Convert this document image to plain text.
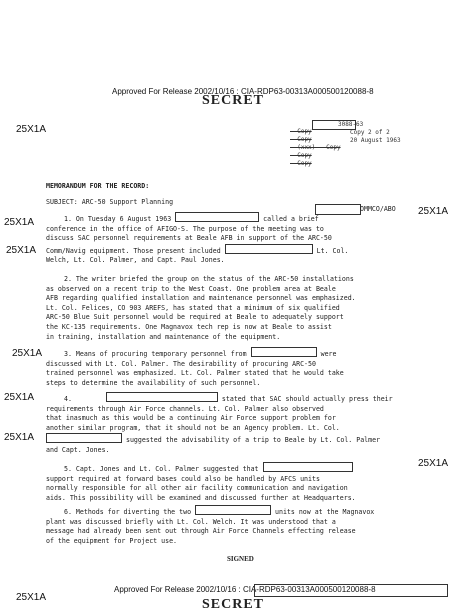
Approved For Release 2002/10/16 : CIA-RDP63-00313A000500120088-8
SECRET
3088-63
Copy 2 of 2
20 August 1963
- Copy
- Copy
- (xxx) - Copy
- Copy
- Copy
25X1A
25X1A
25X1A
25X1A
25X1A
25X1A
25X1A
25X1A
25X1A
MEMORANDUM FOR THE RECORD:
SUBJECT: ARC-50 Support Planning
1. On Tuesday 6 August 1963	called a brief
conference in the office of AFIGO-S. The purpose of the meeting was to
discuss SAC personnel requirements at Beale AFB in support of the ARC-50
Comm/Navig equipment. Those present included	Lt. Col.
Welch, Lt. Col. Palmer, and Capt. Paul Jones.
OMMCO/ABO
2. The writer briefed the group on the status of the ARC-50 installations
as observed on a recent trip to the West Coast. One problem area at Beale
AFB regarding qualified installation and maintenance personnel was emphasized.
Lt. Col. Felices, CO 903 AREFS, has stated that a minimum of six qualified
ARC-50 Blue Suit personnel would be required at Beale to adequately support
the KC-135 requirements. One Magnavox tech rep is now at Beale to assist
in training, installation and maintenance of the equipment.
3. Means of procuring temporary personnel from	were
discussed with Lt. Col. Palmer. The desirability of procuring ARC-50
trained personnel was emphasized. Lt. Col. Palmer stated that he would take
steps to determine the availability of such personnel.
4.	stated that SAC should actually press their
requirements through Air Force channels. Lt. Col. Palmer also observed
that inasmuch as this would be a continuing Air Force support problem for
another similar program, that it should not be an Agency problem. Lt. Col.
suggested the advisability of a trip to Beale by Lt. Col. Palmer
and Capt. Jones.
5. Capt. Jones and Lt. Col. Palmer suggested that
support required at forward bases could also be handled by AFCS units
normally responsible for all other air facility communication and navigation
aids. This possibility will be examined and discussed further at Headquarters.
6. Methods for diverting the two	units now at the Magnavox
plant was discussed briefly with Lt. Col. Welch. It was understood that a
message had already been sent out through Air Force Channels effecting release
of the equipment for Project use.
SIGNED
Approved For Release 2002/10/16 : CIA-RDP63-00313A000500120088-8
SECRET
